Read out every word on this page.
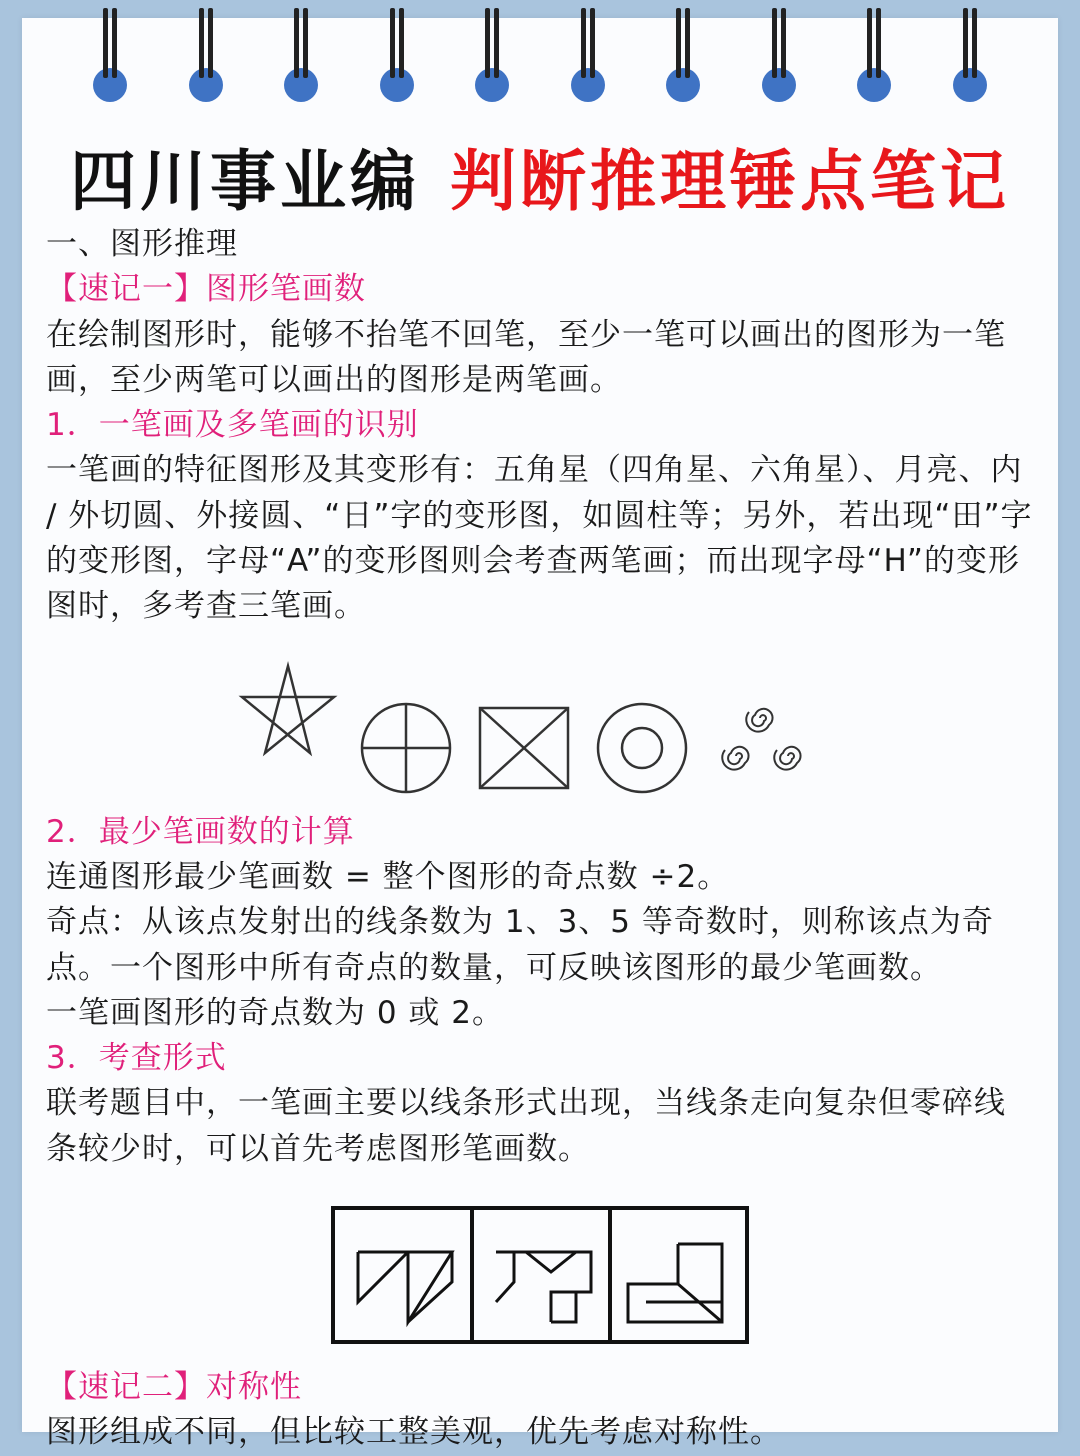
四川事业编 判断推理锤点笔记

一、图形推理

【速记一】图形笔画数

在绘制图形时，能够不抬笔不回笔，至少一笔可以画出的图形为一笔画，至少两笔可以画出的图形是两笔画。

1．一笔画及多笔画的识别

一笔画的特征图形及其变形有：五角星（四角星、六角星）、月亮、内 / 外切圆、外接圆、“日”字的变形图，如圆柱等；另外，若出现“田”字的变形图，字母“A”的变形图则会考查两笔画；而出现字母“H”的变形图时，多考查三笔画。

2．最少笔画数的计算

连通图形最少笔画数 = 整个图形的奇点数 ÷2。

奇点：从该点发射出的线条数为 1、3、5 等奇数时，则称该点为奇点。一个图形中所有奇点的数量，可反映该图形的最少笔画数。

一笔画图形的奇点数为 0 或 2。

3．考查形式

联考题目中，一笔画主要以线条形式出现，当线条走向复杂但零碎线条较少时，可以首先考虑图形笔画数。

【速记二】对称性

图形组成不同，但比较工整美观，优先考虑对称性。
